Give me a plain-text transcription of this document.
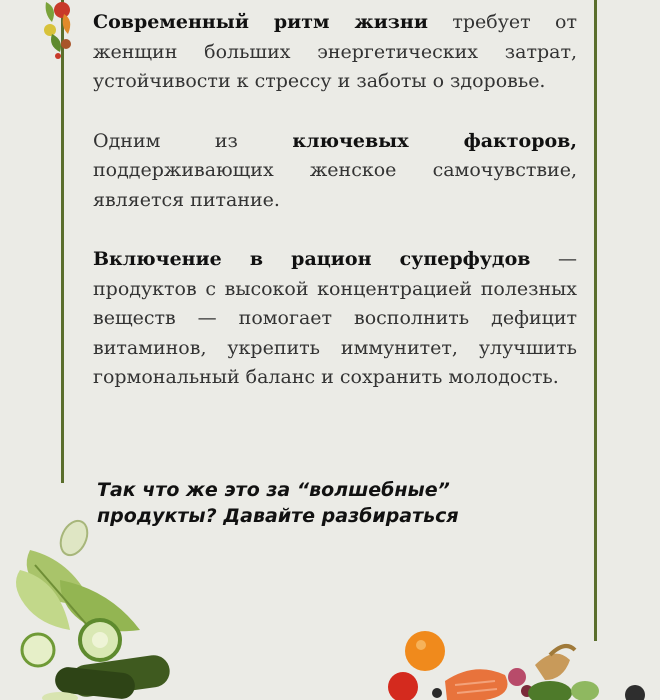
Современный ритм жизни требует от женщин больших энергетических затрат, устойчивости к стрессу и заботы о здоровье.

Одним из ключевых факторов, поддерживающих женское самочувствие, является питание.

Включение в рацион суперфудов — продуктов с высокой концентрацией полезных веществ — помогает восполнить дефицит витаминов, укрепить иммунитет, улучшить гормональный баланс и сохранить молодость.

Так что же это за “волшебные” продукты? Давайте разбираться
